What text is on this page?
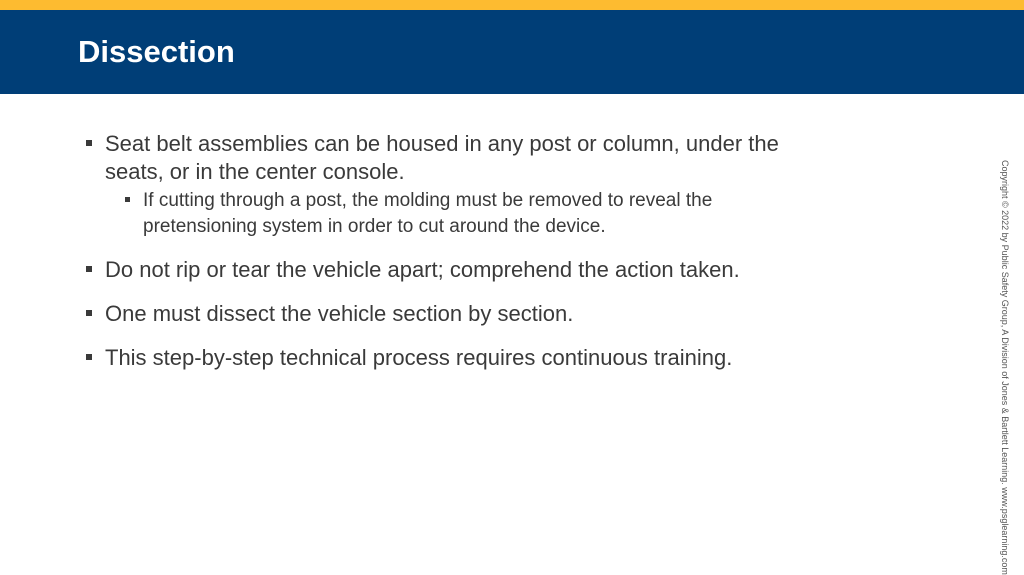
Dissection
Seat belt assemblies can be housed in any post or column, under the seats, or in the center console.
If cutting through a post, the molding must be removed to reveal the pretensioning system in order to cut around the device.
Do not rip or tear the vehicle apart; comprehend the action taken.
One must dissect the vehicle section by section.
This step-by-step technical process requires continuous training.	Copyright © 2022 by Public Safety Group, A Division of Jones & Bartlett Learning. www.psglearning.com
